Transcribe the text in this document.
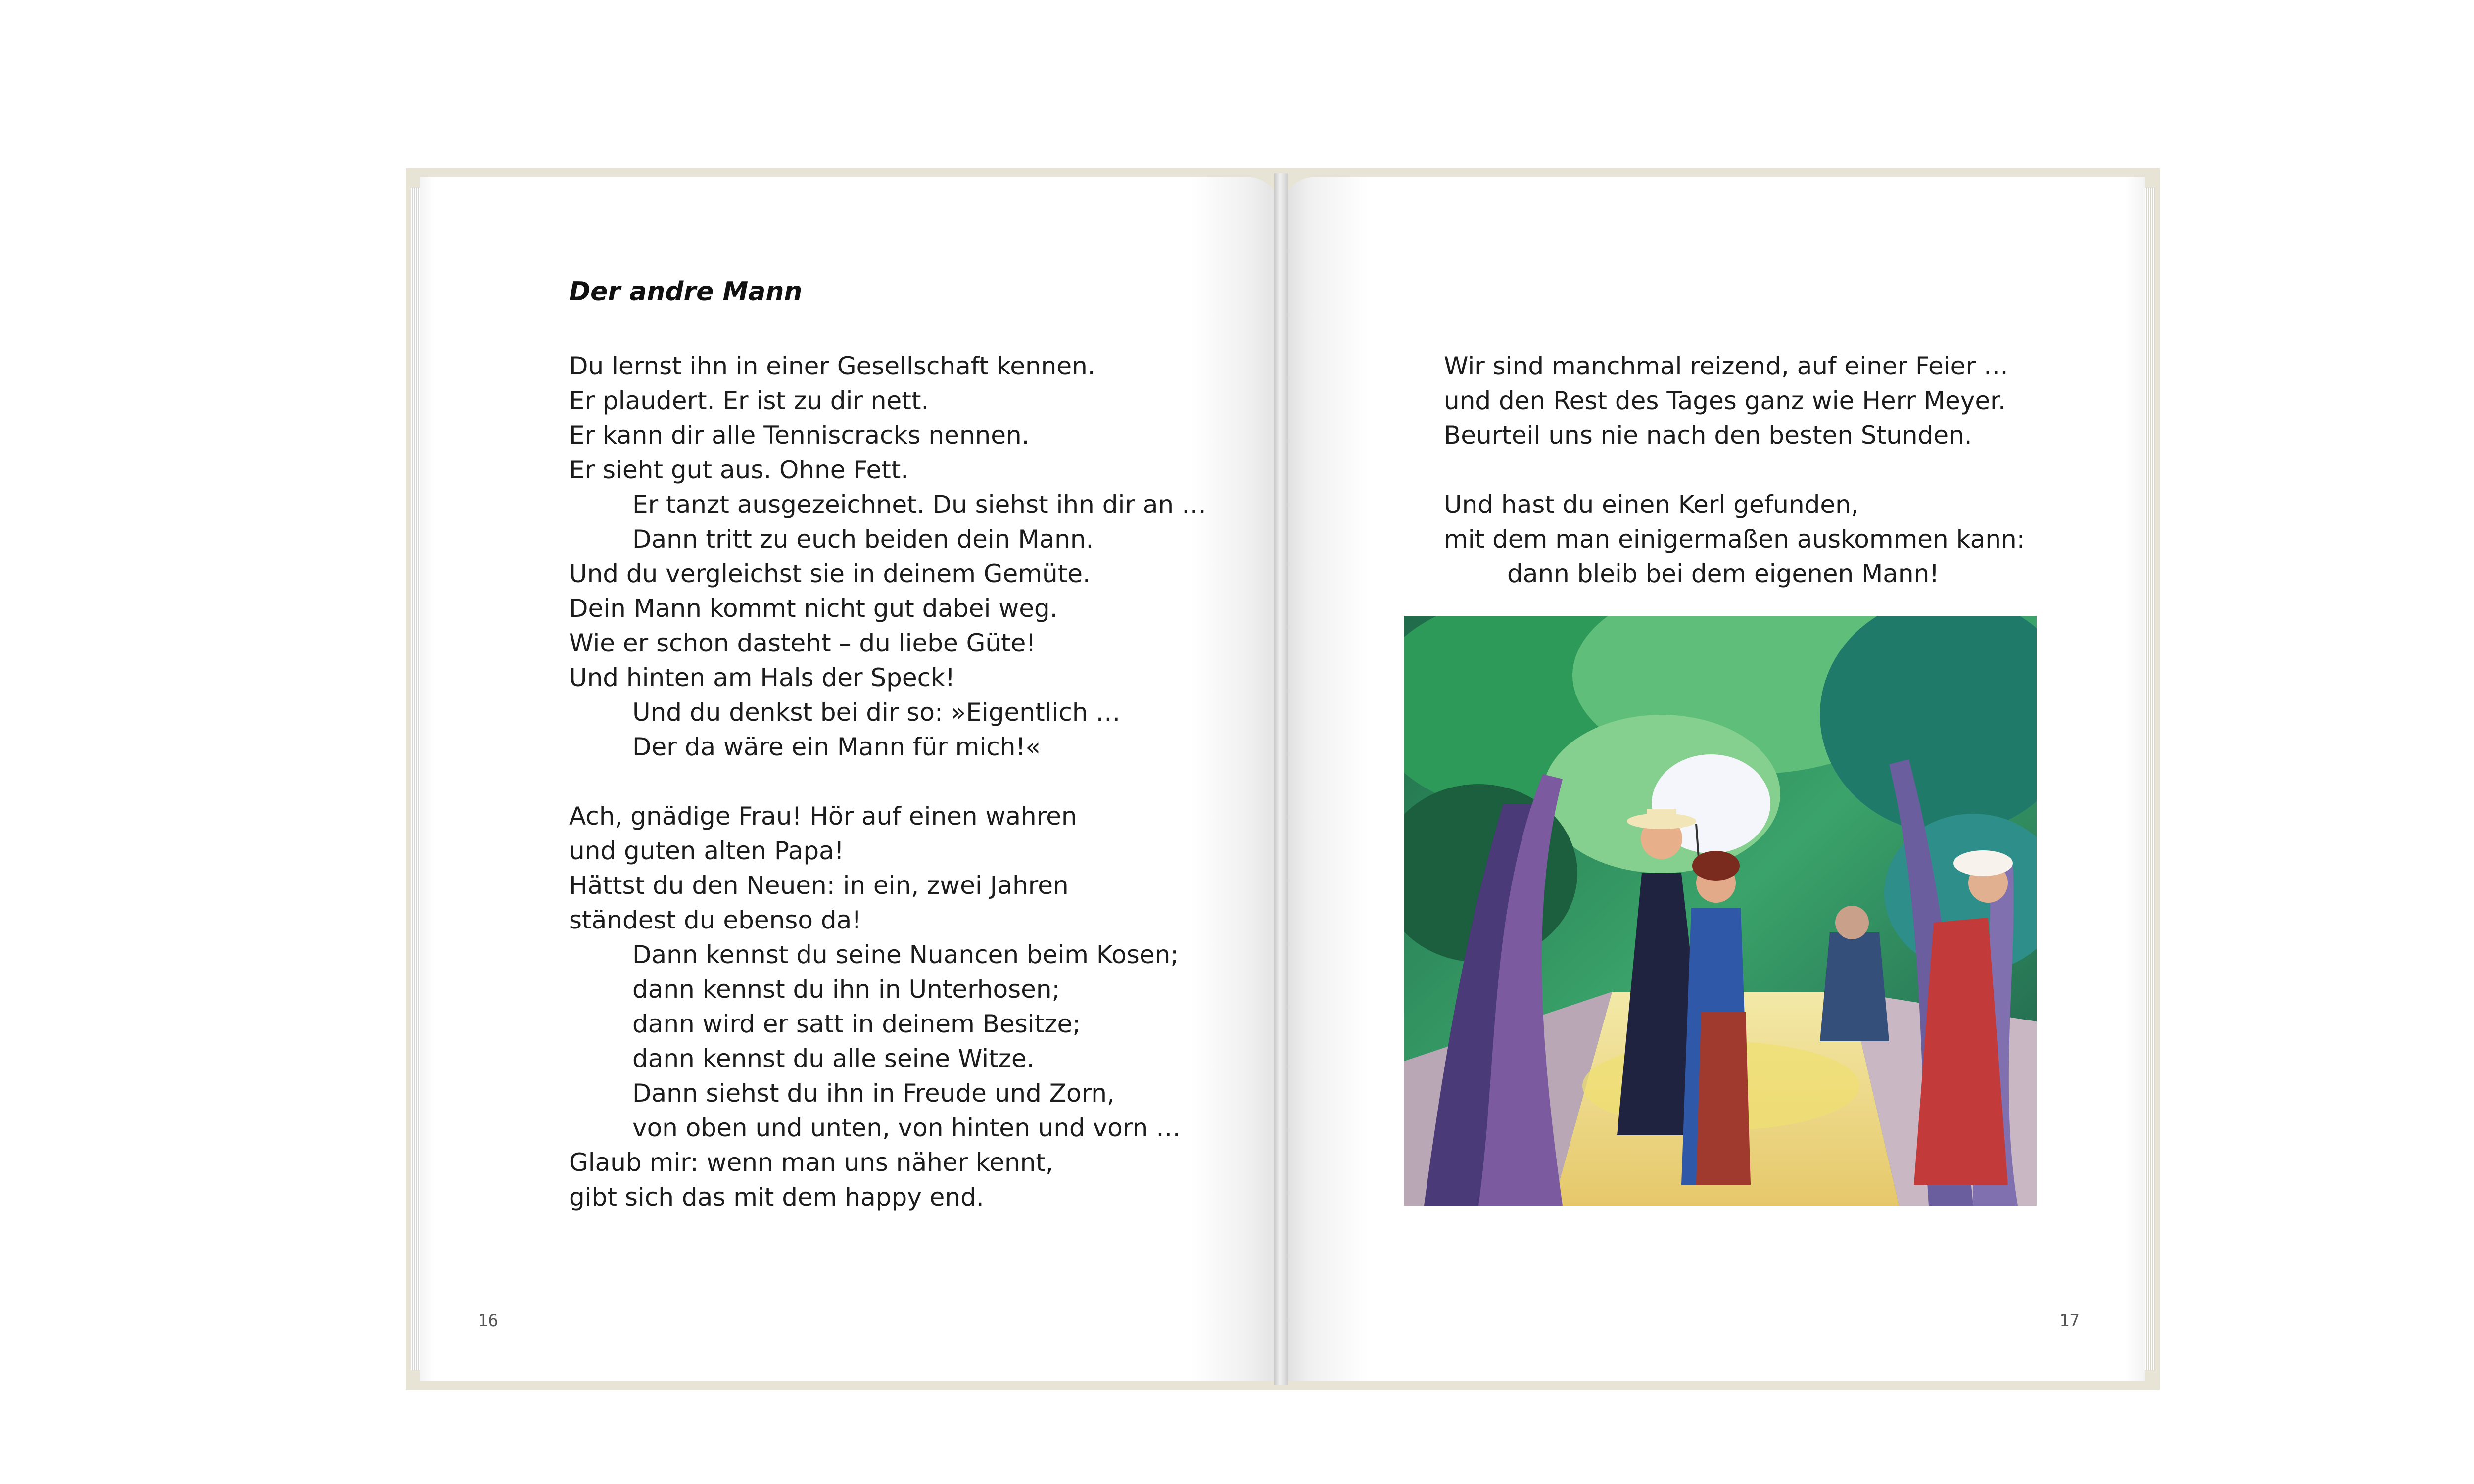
Der andre Mann
Du lernst ihn in einer Gesellschaft kennen.
Er plaudert. Er ist zu dir nett.
Er kann dir alle Tenniscracks nennen.
Er sieht gut aus. Ohne Fett.
Er tanzt ausgezeichnet. Du siehst ihn dir an …
Dann tritt zu euch beiden dein Mann.
Und du vergleichst sie in deinem Gemüte.
Dein Mann kommt nicht gut dabei weg.
Wie er schon dasteht – du liebe Güte!
Und hinten am Hals der Speck!
Und du denkst bei dir so: »Eigentlich …
Der da wäre ein Mann für mich!«
Ach, gnädige Frau! Hör auf einen wahren
und guten alten Papa!
Hättst du den Neuen: in ein, zwei Jahren
ständest du ebenso da!
Dann kennst du seine Nuancen beim Kosen;
dann kennst du ihn in Unterhosen;
dann wird er satt in deinem Besitze;
dann kennst du alle seine Witze.
Dann siehst du ihn in Freude und Zorn,
von oben und unten, von hinten und vorn …
Glaub mir: wenn man uns näher kennt,
gibt sich das mit dem happy end.
Wir sind manchmal reizend, auf einer Feier …
und den Rest des Tages ganz wie Herr Meyer.
Beurteil uns nie nach den besten Stunden.
Und hast du einen Kerl gefunden,
mit dem man einigermaßen auskommen kann:
dann bleib bei dem eigenen Mann!
16	17
